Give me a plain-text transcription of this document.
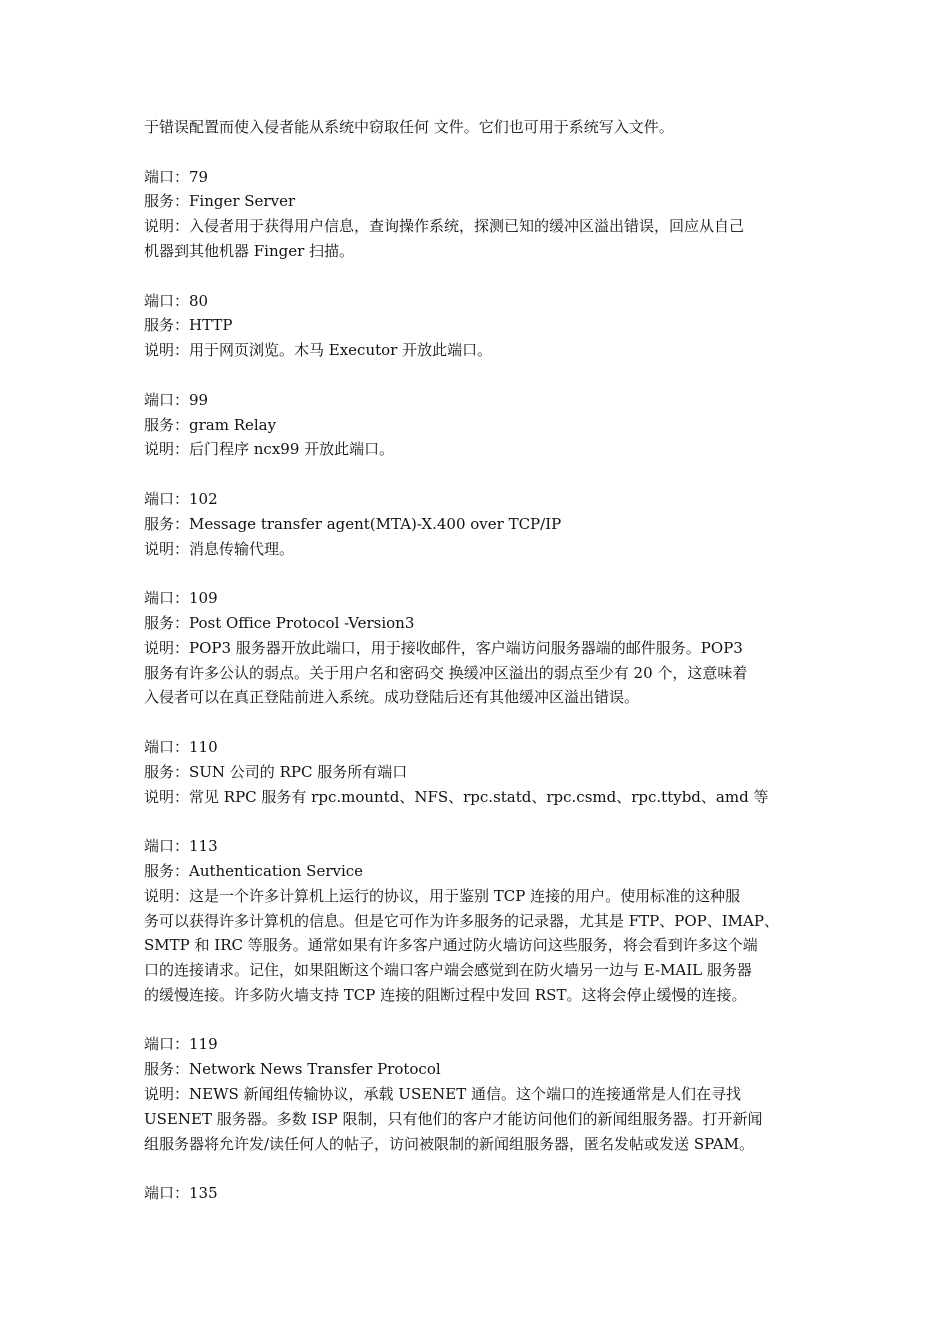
于错误配置而使入侵者能从系统中窃取任何 文件。它们也可用于系统写入文件。
端口：79
服务：Finger Server
说明：入侵者用于获得用户信息，查询操作系统，探测已知的缓冲区溢出错误，回应从自己
机器到其他机器 Finger 扫描。
端口：80
服务：HTTP
说明：用于网页浏览。木马 Executor 开放此端口。
端口：99
服务：gram Relay
说明：后门程序 ncx99 开放此端口。
端口：102
服务：Message transfer agent(MTA)-X.400 over TCP/IP
说明：消息传输代理。
端口：109
服务：Post Office Protocol -Version3
说明：POP3 服务器开放此端口，用于接收邮件，客户端访问服务器端的邮件服务。POP3
服务有许多公认的弱点。关于用户名和密码交 换缓冲区溢出的弱点至少有 20 个，这意味着
入侵者可以在真正登陆前进入系统。成功登陆后还有其他缓冲区溢出错误。
端口：110
服务：SUN 公司的 RPC 服务所有端口
说明：常见 RPC 服务有 rpc.mountd、NFS、rpc.statd、rpc.csmd、rpc.ttybd、amd 等
端口：113
服务：Authentication Service
说明：这是一个许多计算机上运行的协议，用于鉴别 TCP 连接的用户。使用标准的这种服
务可以获得许多计算机的信息。但是它可作为许多服务的记录器，尤其是 FTP、POP、IMAP、
SMTP 和 IRC 等服务。通常如果有许多客户通过防火墙访问这些服务，将会看到许多这个端
口的连接请求。记住，如果阻断这个端口客户端会感觉到在防火墙另一边与 E-MAIL 服务器
的缓慢连接。许多防火墙支持 TCP 连接的阻断过程中发回 RST。这将会停止缓慢的连接。
端口：119
服务：Network News Transfer Protocol
说明：NEWS 新闻组传输协议，承载 USENET 通信。这个端口的连接通常是人们在寻找
USENET 服务器。多数 ISP 限制，只有他们的客户才能访问他们的新闻组服务器。打开新闻
组服务器将允许发/读任何人的帖子，访问被限制的新闻组服务器，匿名发帖或发送 SPAM。
端口：135
